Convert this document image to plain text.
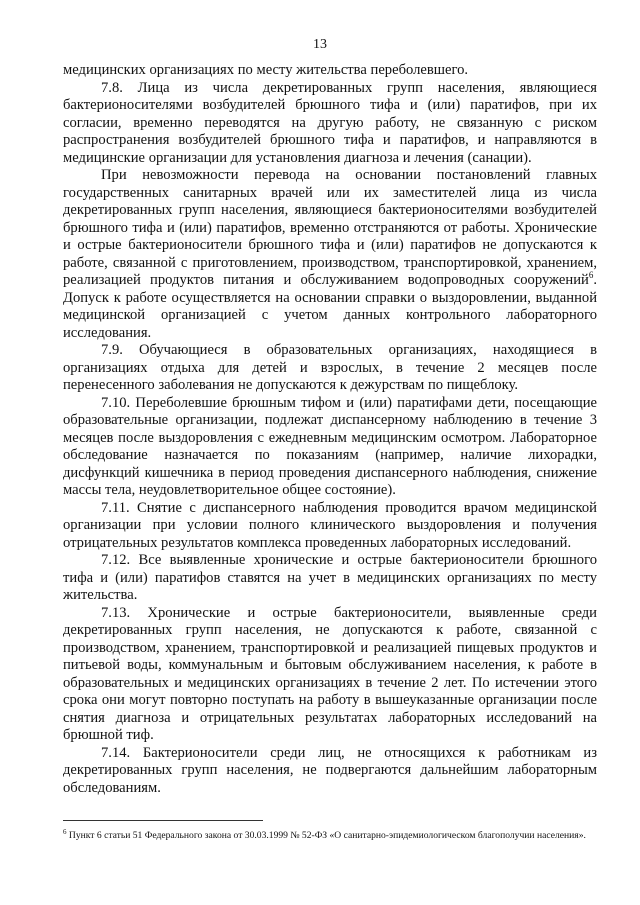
13

медицинских организациях по месту жительства переболевшего.

7.8. Лица из числа декретированных групп населения, являющиеся бактерионосителями возбудителей брюшного тифа и (или) паратифов, при их согласии, временно переводятся на другую работу, не связанную с риском распространения возбудителей брюшного тифа и паратифов, и направляются в медицинские организации для установления диагноза и лечения (санации).

При невозможности перевода на основании постановлений главных государственных санитарных врачей или их заместителей лица из числа декретированных групп населения, являющиеся бактерионосителями возбудителей брюшного тифа и (или) паратифов, временно отстраняются от работы. Хронические и острые бактерионосители брюшного тифа и (или) паратифов не допускаются к работе, связанной с приготовлением, производством, транспортировкой, хранением, реализацией продуктов питания и обслуживанием водопроводных сооружений$^6$. Допуск к работе осуществляется на основании справки о выздоровлении, выданной медицинской организацией с учетом данных контрольного лабораторного исследования.

7.9. Обучающиеся в образовательных организациях, находящиеся в организациях отдыха для детей и взрослых, в течение 2 месяцев после перенесенного заболевания не допускаются к дежурствам по пищеблоку.

7.10. Переболевшие брюшным тифом и (или) паратифами дети, посещающие образовательные организации, подлежат диспансерному наблюдению в течение 3 месяцев после выздоровления с ежедневным медицинским осмотром. Лабораторное обследование назначается по показаниям (например, наличие лихорадки, дисфункций кишечника в период проведения диспансерного наблюдения, снижение массы тела, неудовлетворительное общее состояние).

7.11. Снятие с диспансерного наблюдения проводится врачом медицинской организации при условии полного клинического выздоровления и получения отрицательных результатов комплекса проведенных лабораторных исследований.

7.12. Все выявленные хронические и острые бактерионосители брюшного тифа и (или) паратифов ставятся на учет в медицинских организациях по месту жительства.

7.13. Хронические и острые бактерионосители, выявленные среди декретированных групп населения, не допускаются к работе, связанной с производством, хранением, транспортировкой и реализацией пищевых продуктов и питьевой воды, коммунальным и бытовым обслуживанием населения, к работе в образовательных и медицинских организациях в течение 2 лет. По истечении этого срока они могут повторно поступать на работу в вышеуказанные организации после снятия диагноза и отрицательных результатах лабораторных исследований на брюшной тиф.

7.14. Бактерионосители среди лиц, не относящихся к работникам из декретированных групп населения, не подвергаются дальнейшим лабораторным обследованиям.

$^6$ Пункт 6 статьи 51 Федерального закона от 30.03.1999 № 52-ФЗ «О санитарно-эпидемиологическом благополучии населения».
